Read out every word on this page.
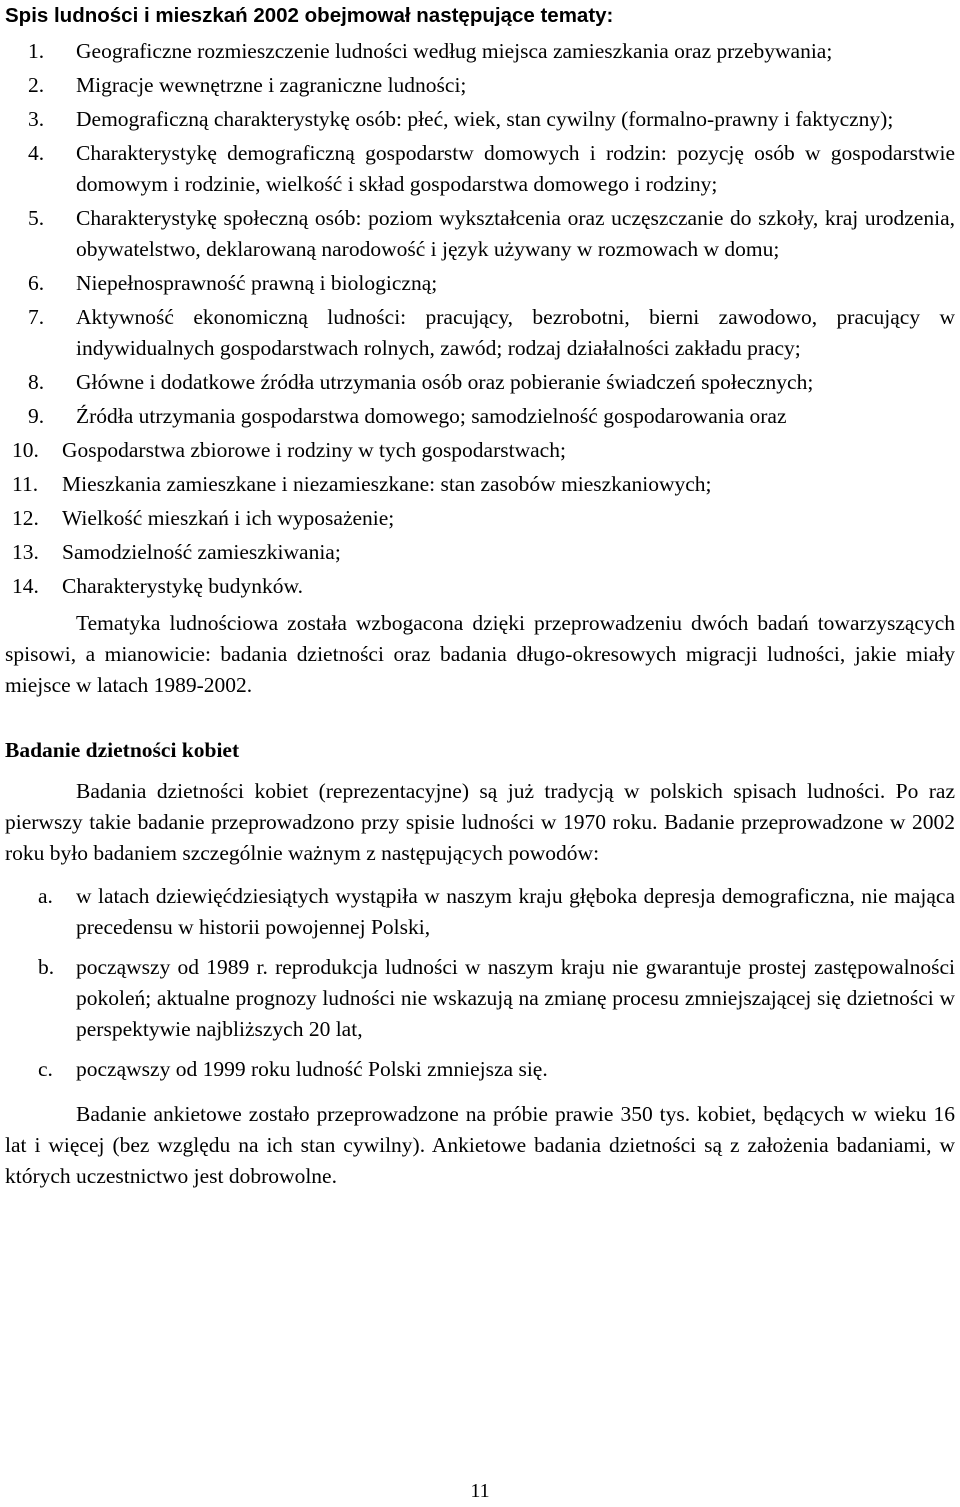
Spis ludności i mieszkań 2002 obejmował następujące tematy:
1.	Geograficzne rozmieszczenie ludności według miejsca zamieszkania oraz przebywania;
2.	Migracje wewnętrzne i zagraniczne ludności;
3.	Demograficzną charakterystykę osób: płeć, wiek, stan cywilny (formalno-prawny i faktyczny);
4.	Charakterystykę demograficzną gospodarstw domowych i rodzin: pozycję osób w gospodarstwie domowym i rodzinie, wielkość i skład gospodarstwa domowego i rodziny;
5.	Charakterystykę społeczną osób: poziom wykształcenia oraz uczęszczanie do szkoły, kraj urodzenia, obywatelstwo, deklarowaną narodowość i język używany w rozmowach w domu;
6.	Niepełnosprawność prawną i biologiczną;
7.	Aktywność ekonomiczną ludności: pracujący, bezrobotni, bierni zawodowo, pracujący w indywidualnych gospodarstwach rolnych, zawód; rodzaj działalności zakładu pracy;
8.	Główne i dodatkowe źródła utrzymania osób oraz pobieranie świadczeń społecznych;
9.	Źródła utrzymania gospodarstwa domowego; samodzielność gospodarowania oraz
10.	Gospodarstwa zbiorowe i rodziny w tych gospodarstwach;
11.	Mieszkania zamieszkane i niezamieszkane: stan zasobów mieszkaniowych;
12.	Wielkość mieszkań i ich wyposażenie;
13.	Samodzielność zamieszkiwania;
14.	Charakterystykę budynków.

Tematyka ludnościowa została wzbogacona dzięki przeprowadzeniu dwóch badań towarzyszących spisowi, a mianowicie: badania dzietności oraz badania długo-okresowych migracji ludności, jakie miały miejsce w latach 1989-2002.

Badanie dzietności kobiet

Badania dzietności kobiet (reprezentacyjne) są już tradycją w polskich spisach ludności. Po raz pierwszy takie badanie przeprowadzono przy spisie ludności w 1970 roku. Badanie przeprowadzone w 2002 roku było badaniem szczególnie ważnym z następujących powodów:

a.	w latach dziewięćdziesiątych wystąpiła w naszym kraju głęboka depresja demograficzna, nie mająca precedensu w historii powojennej Polski,
b.	począwszy od 1989 r. reprodukcja ludności w naszym kraju nie gwarantuje prostej zastępowalności pokoleń; aktualne prognozy ludności nie wskazują na zmianę procesu zmniejszającej się dzietności w perspektywie najbliższych 20 lat,
c.	począwszy od 1999 roku ludność Polski zmniejsza się.

Badanie ankietowe zostało przeprowadzone na próbie prawie 350 tys. kobiet, będących w wieku 16 lat i więcej (bez względu na ich stan cywilny). Ankietowe badania dzietności są z założenia badaniami, w których uczestnictwo jest dobrowolne.

11
